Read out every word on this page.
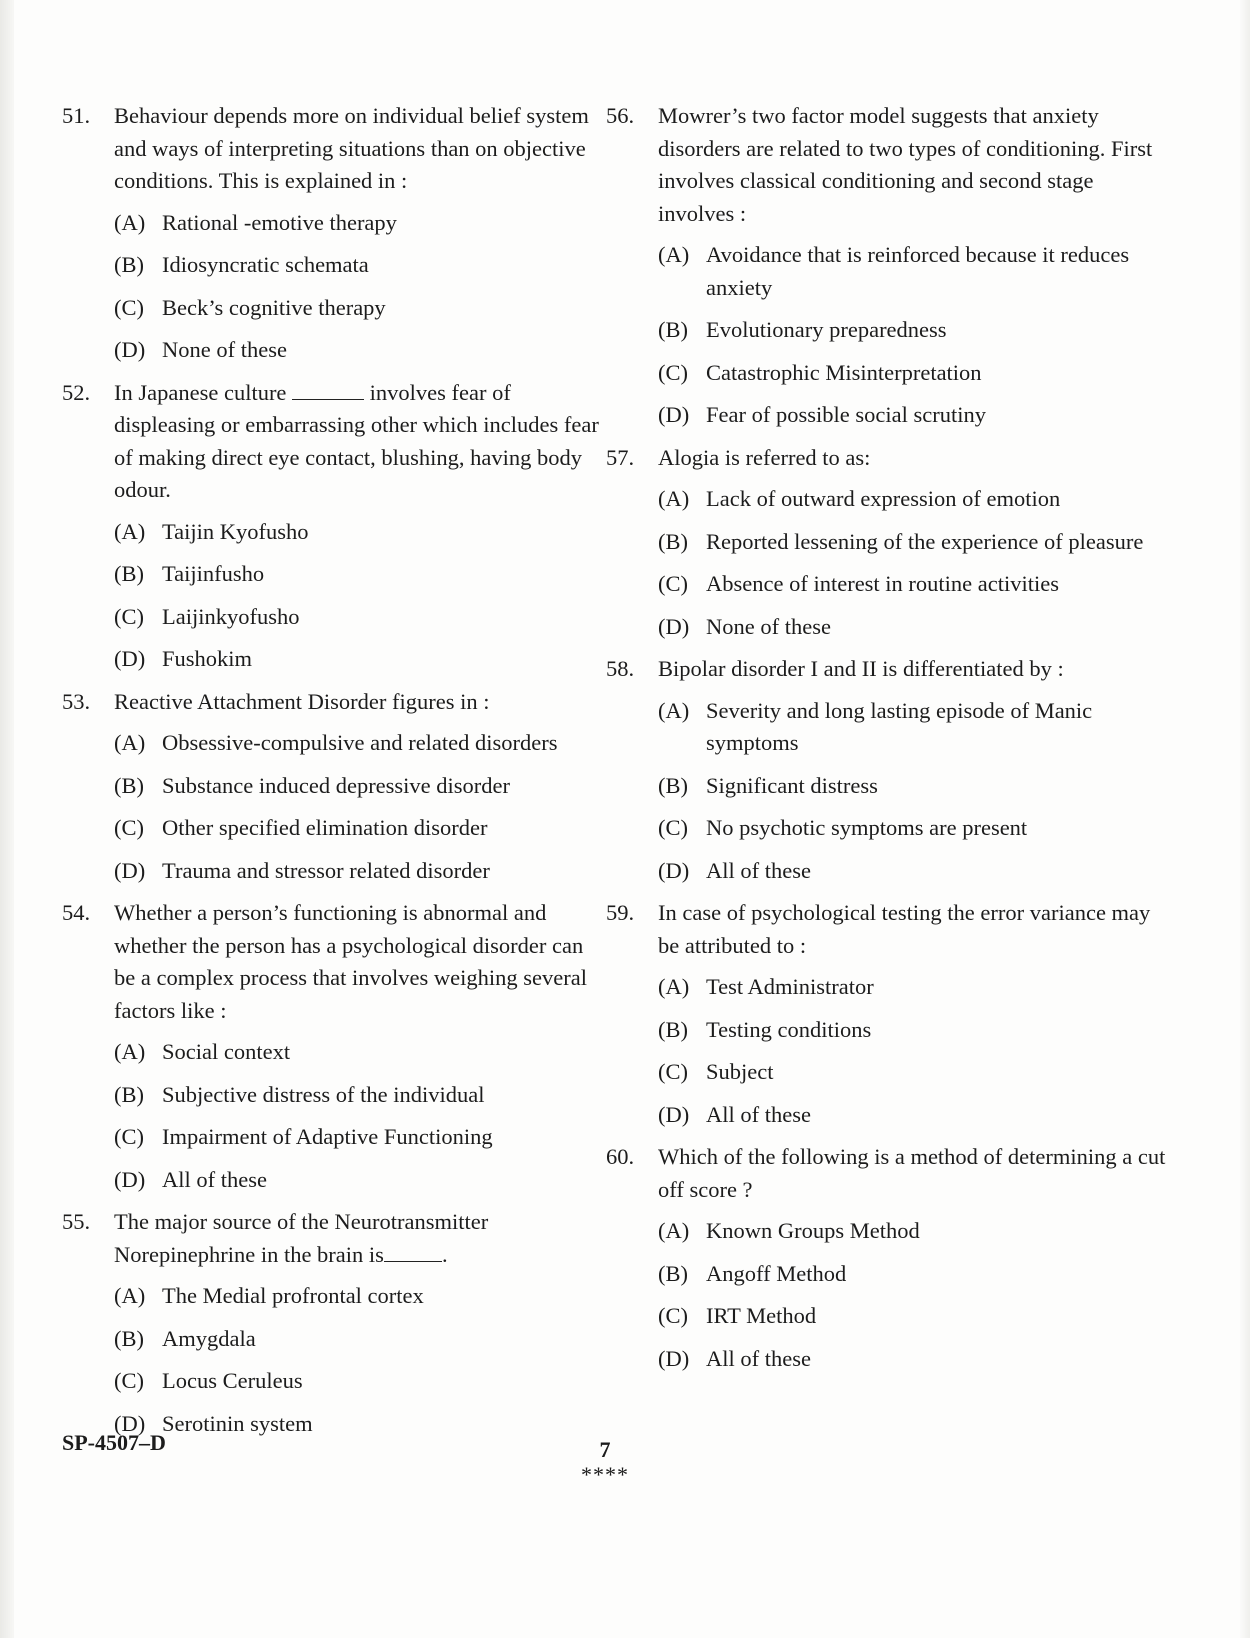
51.	Behaviour depends more on individual belief system and ways of interpreting situations than on objective conditions. This is explained in :
(A) Rational -emotive therapy
(B) Idiosyncratic schemata
(C) Beck’s cognitive therapy
(D) None of these
52.	In Japanese culture	involves fear of displeasing or embarrassing other which includes fear of making direct eye contact, blushing, having body odour.
(A) Taijin Kyofusho
(B) Taijinfusho
(C) Laijinkyofusho
(D) Fushokim
53.	Reactive Attachment Disorder figures in :
(A) Obsessive-compulsive and related disorders
(B) Substance induced depressive disorder
(C) Other specified elimination disorder
(D) Trauma and stressor related disorder
54.	Whether a person’s functioning is abnormal and whether the person has a psychological disorder can be a complex process that involves weighing several factors like :
(A) Social context
(B) Subjective distress of the individual
(C) Impairment of Adaptive Functioning
(D) All of these
55.	The major source of the Neurotransmitter Norepinephrine in the brain is	.
(A) The Medial profrontal cortex
(B) Amygdala
(C) Locus Ceruleus
(D) Serotinin system
56.	Mowrer’s two factor model suggests that anxiety disorders are related to two types of conditioning. First involves classical conditioning and second stage involves :
(A) Avoidance that is reinforced because it reduces anxiety
(B) Evolutionary preparedness
(C) Catastrophic Misinterpretation
(D) Fear of possible social scrutiny
57.	Alogia is referred to as:
(A) Lack of outward expression of emotion
(B) Reported lessening of the experience of pleasure
(C) Absence of interest in routine activities
(D) None of these
58.	Bipolar disorder I and II is differentiated by :
(A) Severity and long lasting episode of Manic symptoms
(B) Significant distress
(C) No psychotic symptoms are present
(D) All of these
59.	In case of psychological testing the error variance may be attributed to :
(A) Test Administrator
(B) Testing conditions
(C) Subject
(D) All of these
60.	Which of the following is a method of determining a cut off score ?
(A) Known Groups Method
(B) Angoff Method
(C) IRT Method
(D) All of these
SP-4507–D	7
****
